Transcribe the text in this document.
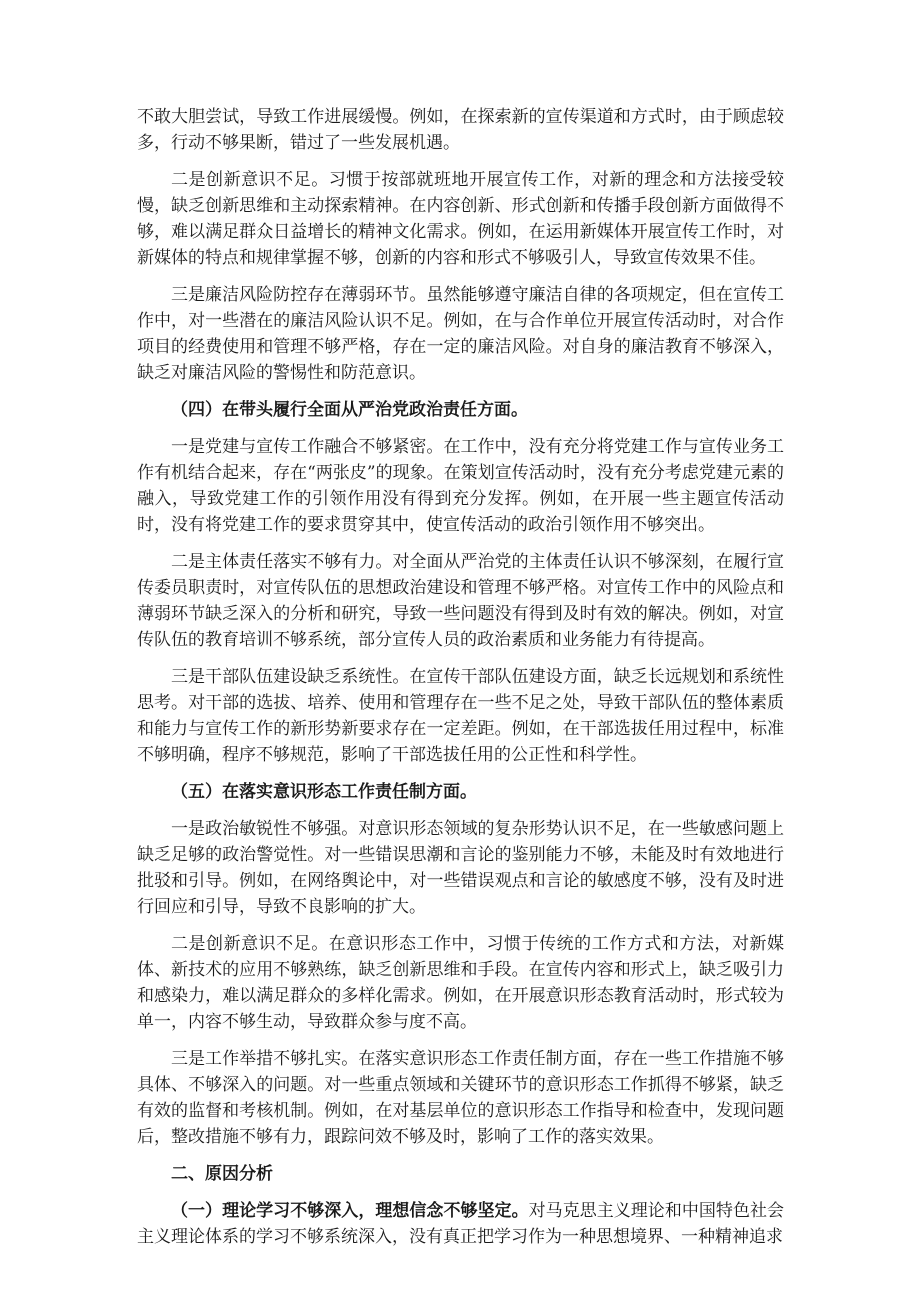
不敢大胆尝试，导致工作进展缓慢。例如，在探索新的宣传渠道和方式时，由于顾虑较多，行动不够果断，错过了一些发展机遇。

二是创新意识不足。习惯于按部就班地开展宣传工作，对新的理念和方法接受较慢，缺乏创新思维和主动探索精神。在内容创新、形式创新和传播手段创新方面做得不够，难以满足群众日益增长的精神文化需求。例如，在运用新媒体开展宣传工作时，对新媒体的特点和规律掌握不够，创新的内容和形式不够吸引人，导致宣传效果不佳。

三是廉洁风险防控存在薄弱环节。虽然能够遵守廉洁自律的各项规定，但在宣传工作中，对一些潜在的廉洁风险认识不足。例如，在与合作单位开展宣传活动时，对合作项目的经费使用和管理不够严格，存在一定的廉洁风险。对自身的廉洁教育不够深入，缺乏对廉洁风险的警惕性和防范意识。

（四）在带头履行全面从严治党政治责任方面。

一是党建与宣传工作融合不够紧密。在工作中，没有充分将党建工作与宣传业务工作有机结合起来，存在“两张皮”的现象。在策划宣传活动时，没有充分考虑党建元素的融入，导致党建工作的引领作用没有得到充分发挥。例如，在开展一些主题宣传活动时，没有将党建工作的要求贯穿其中，使宣传活动的政治引领作用不够突出。

二是主体责任落实不够有力。对全面从严治党的主体责任认识不够深刻，在履行宣传委员职责时，对宣传队伍的思想政治建设和管理不够严格。对宣传工作中的风险点和薄弱环节缺乏深入的分析和研究，导致一些问题没有得到及时有效的解决。例如，对宣传队伍的教育培训不够系统，部分宣传人员的政治素质和业务能力有待提高。

三是干部队伍建设缺乏系统性。在宣传干部队伍建设方面，缺乏长远规划和系统性思考。对干部的选拔、培养、使用和管理存在一些不足之处，导致干部队伍的整体素质和能力与宣传工作的新形势新要求存在一定差距。例如，在干部选拔任用过程中，标准不够明确，程序不够规范，影响了干部选拔任用的公正性和科学性。

（五）在落实意识形态工作责任制方面。

一是政治敏锐性不够强。对意识形态领域的复杂形势认识不足，在一些敏感问题上缺乏足够的政治警觉性。对一些错误思潮和言论的鉴别能力不够，未能及时有效地进行批驳和引导。例如，在网络舆论中，对一些错误观点和言论的敏感度不够，没有及时进行回应和引导，导致不良影响的扩大。

二是创新意识不足。在意识形态工作中，习惯于传统的工作方式和方法，对新媒体、新技术的应用不够熟练，缺乏创新思维和手段。在宣传内容和形式上，缺乏吸引力和感染力，难以满足群众的多样化需求。例如，在开展意识形态教育活动时，形式较为单一，内容不够生动，导致群众参与度不高。

三是工作举措不够扎实。在落实意识形态工作责任制方面，存在一些工作措施不够具体、不够深入的问题。对一些重点领域和关键环节的意识形态工作抓得不够紧，缺乏有效的监督和考核机制。例如，在对基层单位的意识形态工作指导和检查中，发现问题后，整改措施不够有力，跟踪问效不够及时，影响了工作的落实效果。

二、原因分析

（一）理论学习不够深入，理想信念不够坚定。对马克思主义理论和中国特色社会主义理论体系的学习不够系统深入，没有真正把学习作为一种思想境界、一种精神追求
